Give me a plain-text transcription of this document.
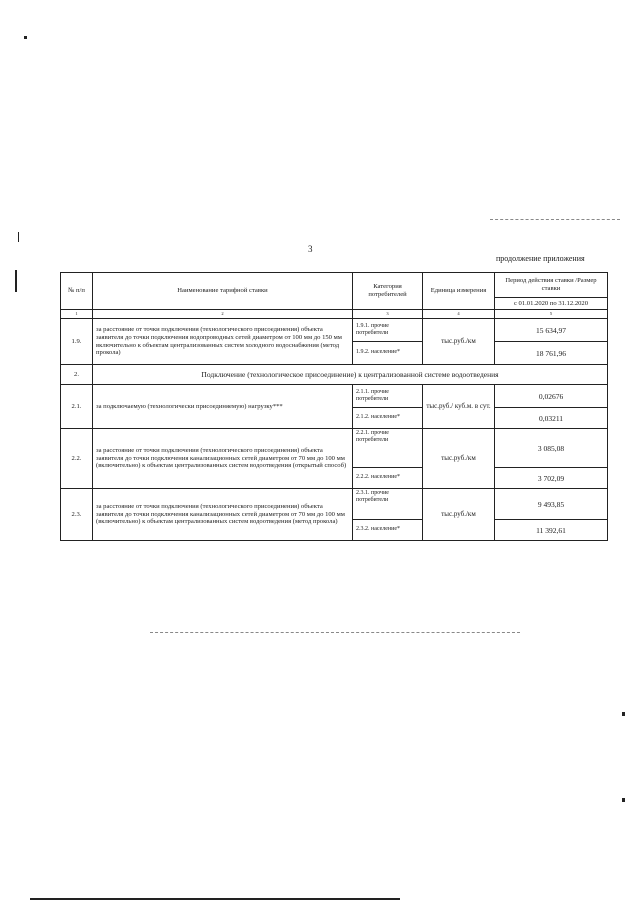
3
продолжение приложения
№ п/п	Наименование тарифной ставки	Категория потребителей	Единица измерения	Период действия ставки /Размер ставки
				с 01.01.2020 по 31.12.2020
1	2	3	4	5
1.9.	за расстояние от точки подключения (технологического присоединения) объекта заявителя до точки подключения водопроводных сетей диаметром от 100 мм до 150 мм включительно к объектам централизованных систем холодного водоснабжения (метод прокола)	1.9.1. прочие потребители	тыс.руб./км	15 634,97
		1.9.2. население*		18 761,96
2.	Подключение (технологическое присоединение) к централизованной системе водоотведения			
2.1.	за подключаемую (технологически присоединяемую) нагрузку***	2.1.1. прочие потребители	тыс.руб./ куб.м. в сут.	0,02676
		2.1.2. население*		0,03211
2.2.	за расстояние от точки подключения (технологического присоединения) объекта заявителя до точки подключения канализационных сетей диаметром от 70 мм до 100 мм (включительно) к объектам централизованных систем водоотведения (открытый способ)	2.2.1. прочие потребители	тыс.руб./км	3 085,08
		2.2.2. население*		3 702,09
2.3.	за расстояние от точки подключения (технологического присоединения) объекта заявителя до точки подключения канализационных сетей диаметром от 70 мм до 100 мм (включительно) к объектам централизованных систем водоотведения (метод прокола)	2.3.1. прочие потребители	тыс.руб./км	9 493,85
		2.3.2. население*		11 392,61
